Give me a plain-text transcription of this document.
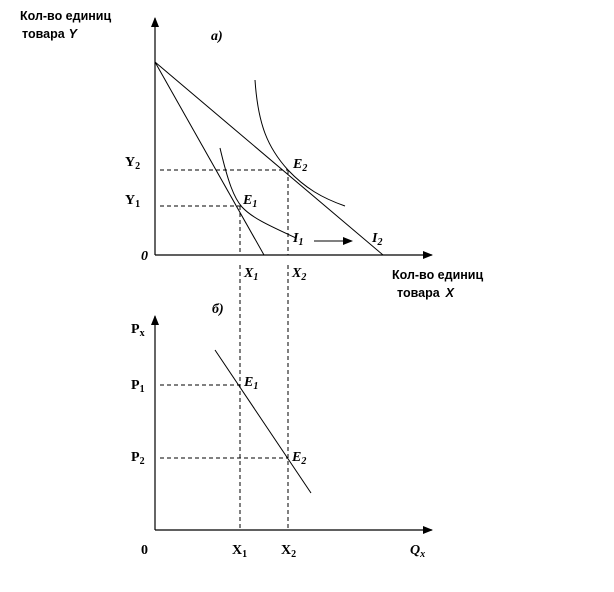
Кол-во единиц
товара Y	а)
0
$Y_2$
$Y_1$
$E_2$
$E_1$
$I_1$	$I_2$
$X_1$ $X_2$	Кол-во единиц
товара X
б)
$P_x$
$P_1$
$P_2$
$E_1$
$E_2$
0	$X_1$ $X_2$	$Q_x$
